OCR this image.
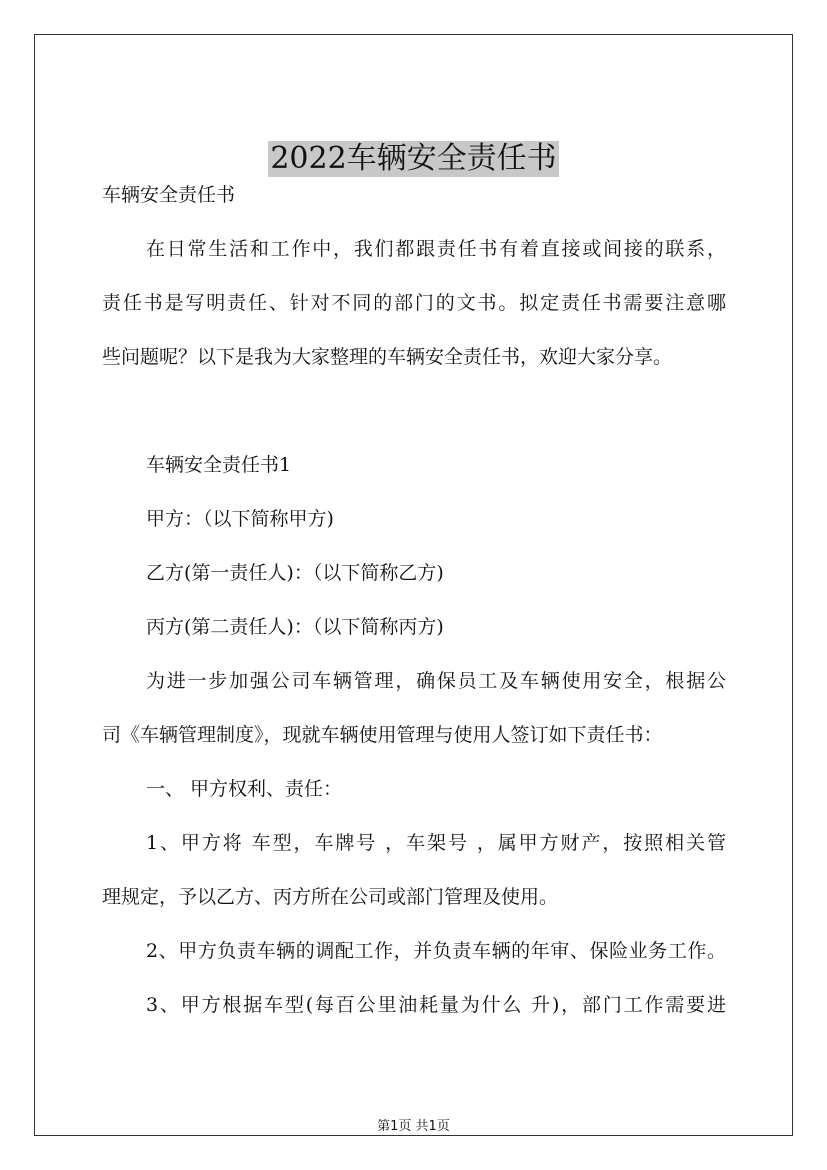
2022车辆安全责任书
车辆安全责任书
在日常生活和工作中，我们都跟责任书有着直接或间接的联系，
责任书是写明责任、针对不同的部门的文书。拟定责任书需要注意哪
些问题呢？以下是我为大家整理的车辆安全责任书，欢迎大家分享。
车辆安全责任书1
甲方：（以下简称甲方)
乙方(第一责任人)：（以下简称乙方)
丙方(第二责任人)：（以下简称丙方)
为进一步加强公司车辆管理，确保员工及车辆使用安全，根据公
司《车辆管理制度》，现就车辆使用管理与使用人签订如下责任书：
一、 甲方权利、责任：
1、甲方将 车型，车牌号 ，车架号 ，属甲方财产，按照相关管
理规定，予以乙方、丙方所在公司或部门管理及使用。
2、甲方负责车辆的调配工作，并负责车辆的年审、保险业务工作。
3、甲方根据车型(每百公里油耗量为什么 升)，部门工作需要进
第1页 共1页
